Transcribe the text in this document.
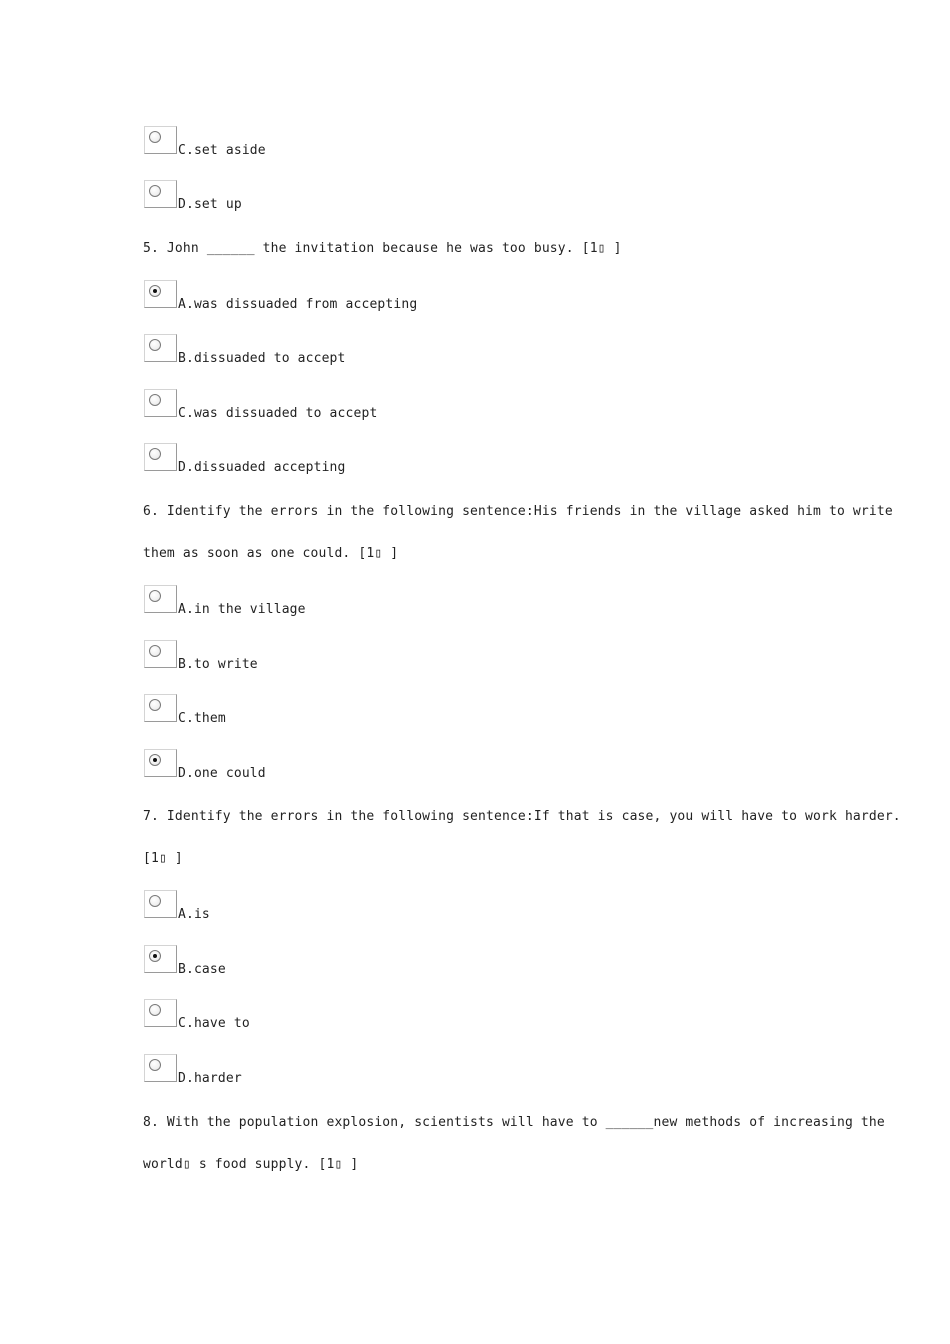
C.set aside
D.set up
5. John ______ the invitation because he was too busy. [1▯ ]
A.was dissuaded from accepting
B.dissuaded to accept
C.was dissuaded to accept
D.dissuaded accepting
6. Identify the errors in the following sentence:His friends in the village asked him to write
them as soon as one could. [1▯ ]
A.in the village
B.to write
C.them
D.one could
7. Identify the errors in the following sentence:If that is case, you will have to work harder.
[1▯ ]
A.is
B.case
C.have to
D.harder
8. With the population explosion, scientists will have to ______new methods of increasing the
world▯ s food supply. [1▯ ]
